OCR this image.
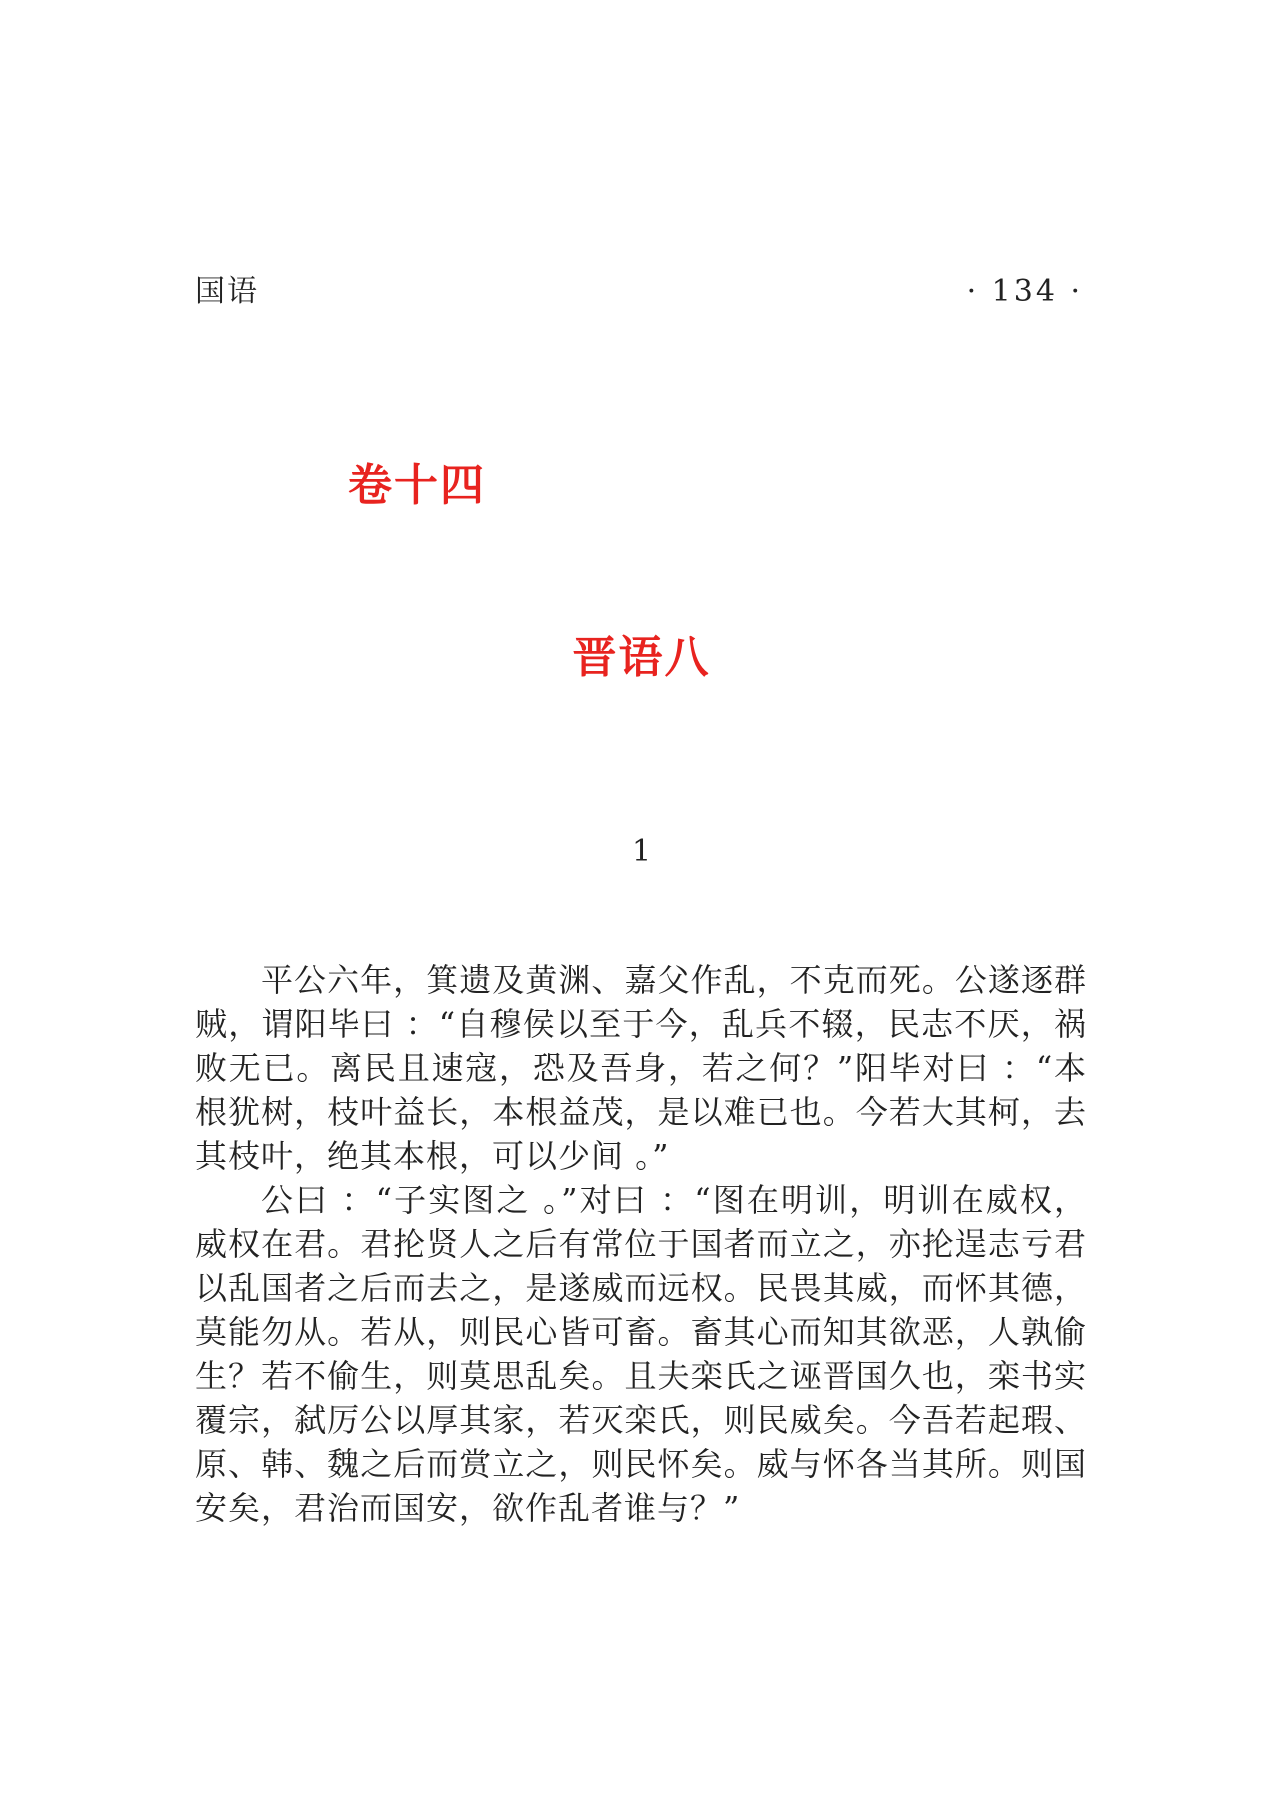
国语	· 134 ·
卷十四
晋语八
1

平公六年，箕遗及黄渊、嘉父作乱，不克而死。公遂逐群贼，谓阳毕曰 ：“自穆侯以至于今，乱兵不辍，民志不厌，祸败无已。离民且速寇，恐及吾身，若之何？”阳毕对曰 ：“本根犹树，枝叶益长，本根益茂，是以难已也。今若大其柯，去其枝叶，绝其本根，可以少间 。”

公曰 ：“子实图之 。”对曰 ：“图在明训，明训在威权，威权在君。君抡贤人之后有常位于国者而立之，亦抡逞志亏君以乱国者之后而去之，是遂威而远权。民畏其威，而怀其德，莫能勿从。若从，则民心皆可畜。畜其心而知其欲恶，人孰偷生？若不偷生，则莫思乱矣。且夫栾氏之诬晋国久也，栾书实覆宗，弑厉公以厚其家，若灭栾氏，则民威矣。今吾若起瑕、原、韩、魏之后而赏立之，则民怀矣。威与怀各当其所。则国安矣，君治而国安，欲作乱者谁与？”
